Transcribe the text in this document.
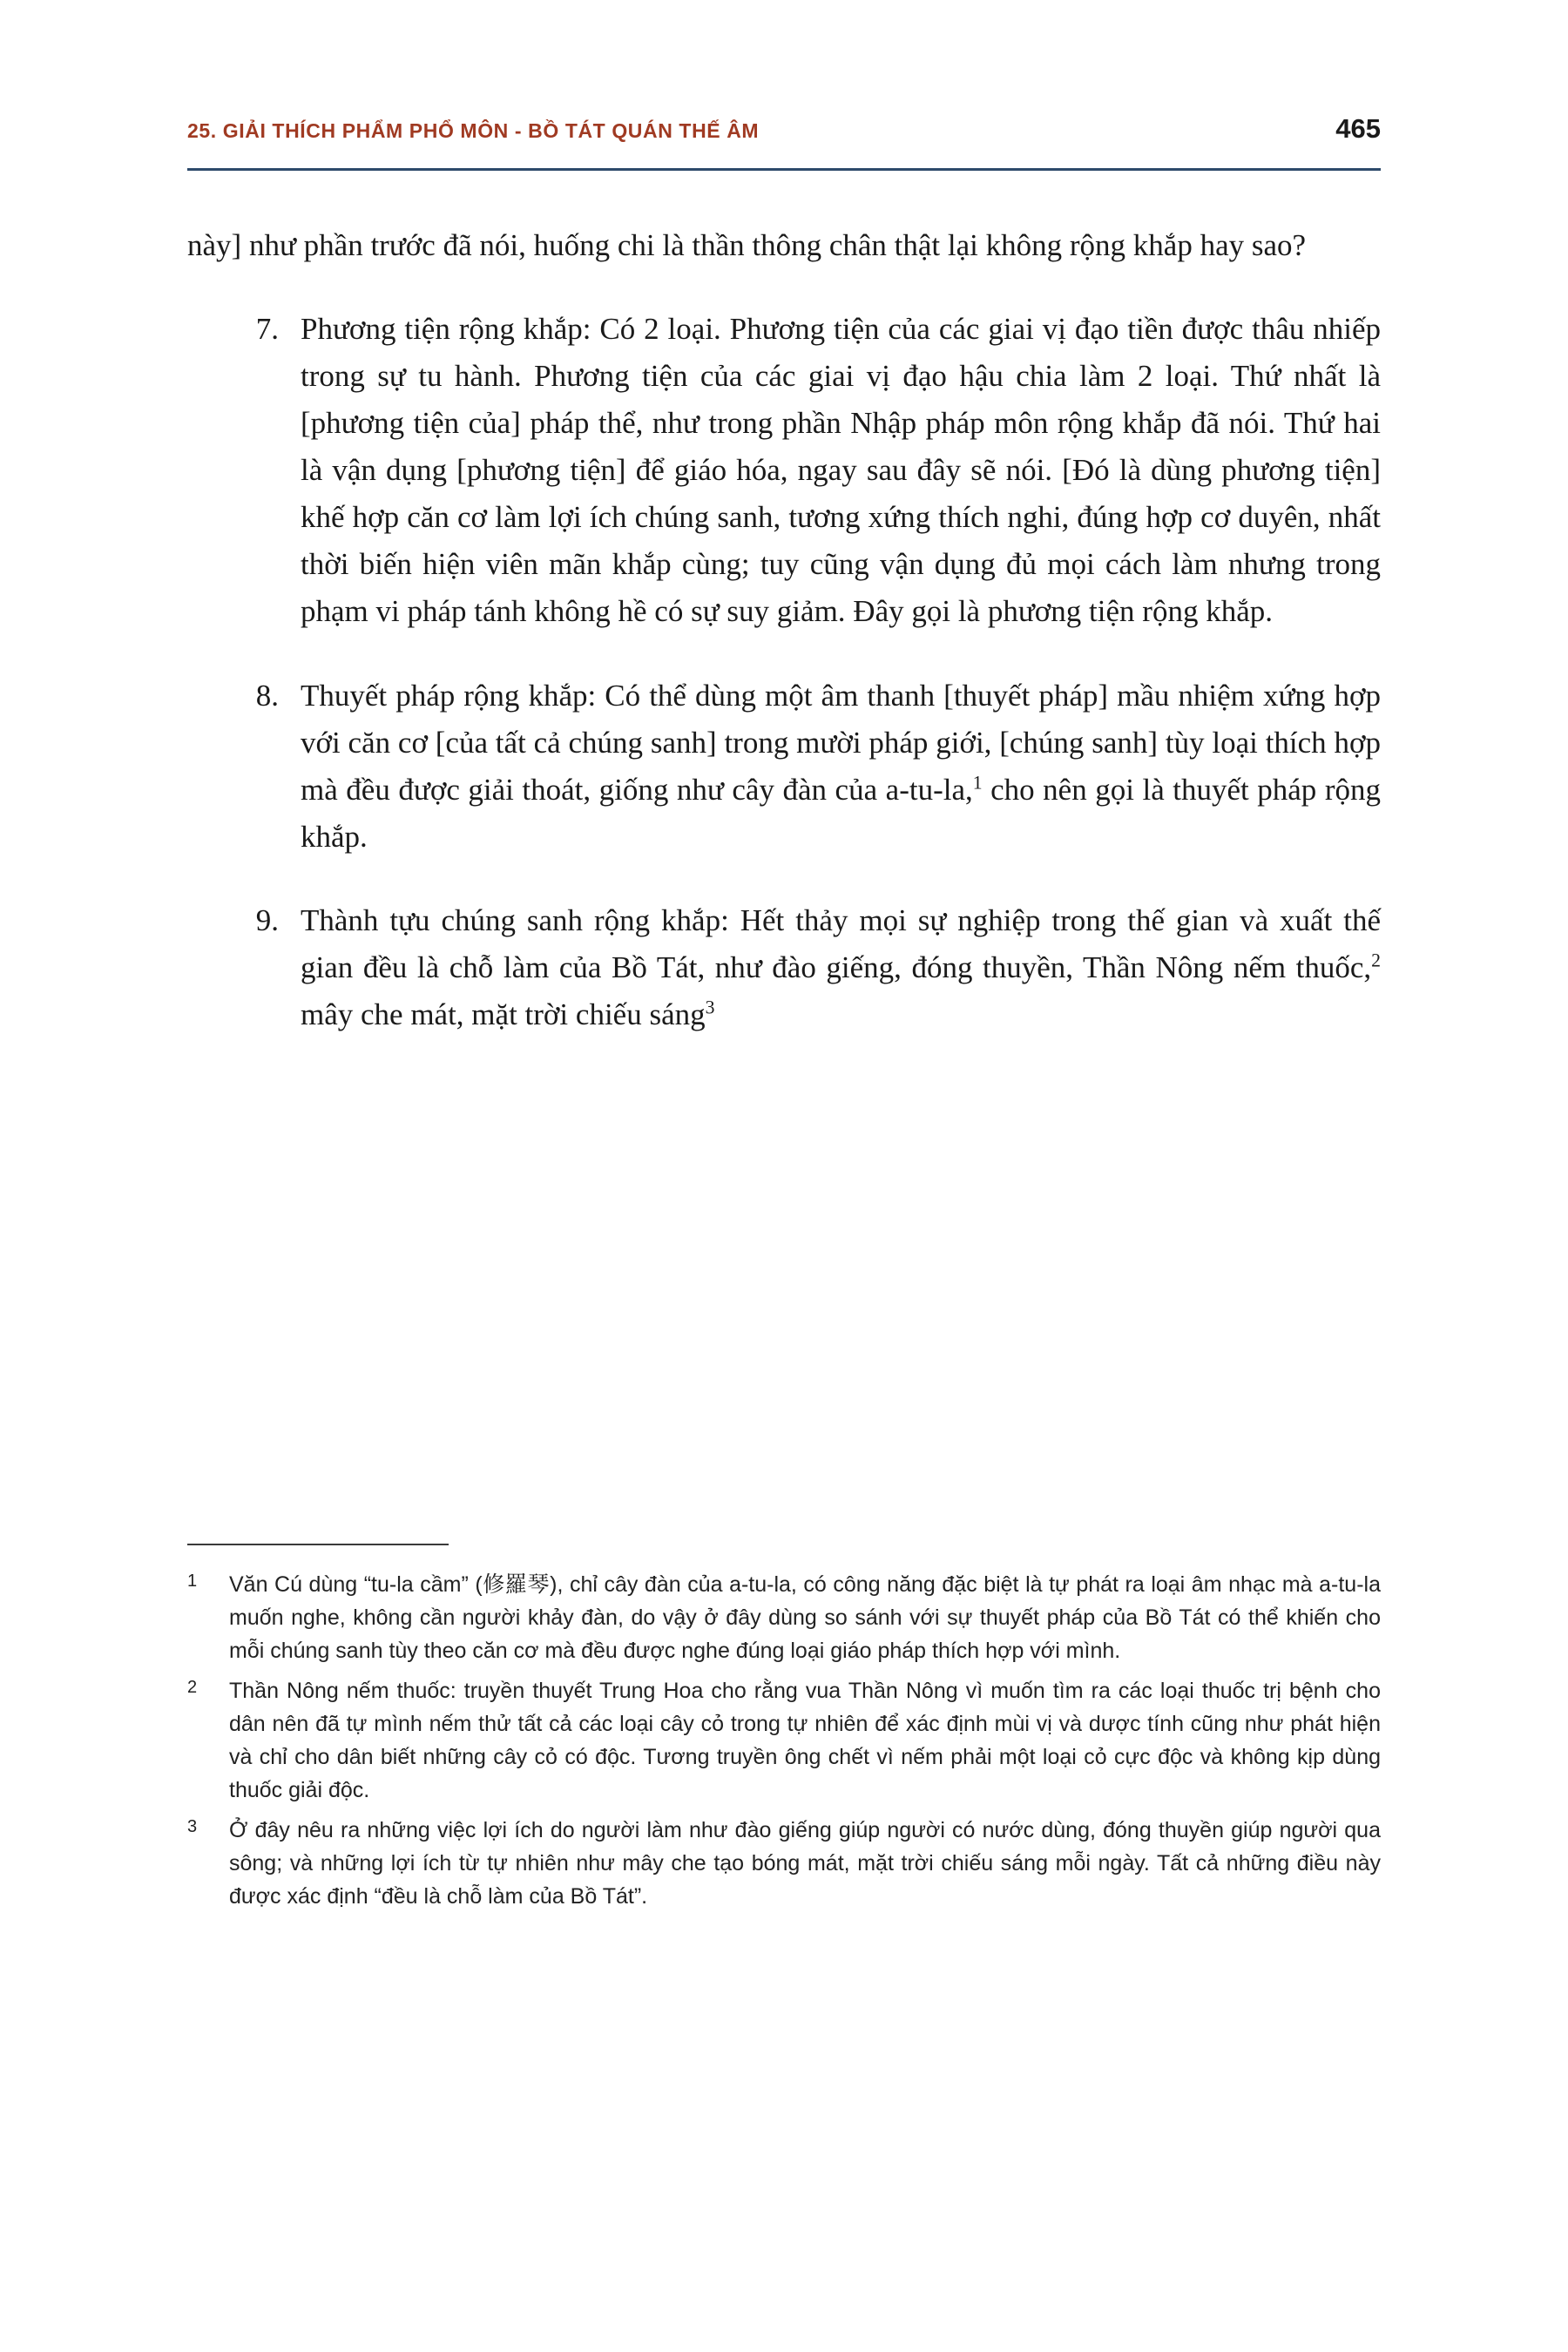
25. GIẢI THÍCH PHẨM PHỔ MÔN - BỒ TÁT QUÁN THẾ ÂM	465

này] như phần trước đã nói, huống chi là thần thông chân thật lại không rộng khắp hay sao?

7. Phương tiện rộng khắp: Có 2 loại. Phương tiện của các giai vị đạo tiền được thâu nhiếp trong sự tu hành. Phương tiện của các giai vị đạo hậu chia làm 2 loại. Thứ nhất là [phương tiện của] pháp thể, như trong phần Nhập pháp môn rộng khắp đã nói. Thứ hai là vận dụng [phương tiện] để giáo hóa, ngay sau đây sẽ nói. [Đó là dùng phương tiện] khế hợp căn cơ làm lợi ích chúng sanh, tương xứng thích nghi, đúng hợp cơ duyên, nhất thời biến hiện viên mãn khắp cùng; tuy cũng vận dụng đủ mọi cách làm nhưng trong phạm vi pháp tánh không hề có sự suy giảm. Đây gọi là phương tiện rộng khắp.

8. Thuyết pháp rộng khắp: Có thể dùng một âm thanh [thuyết pháp] mầu nhiệm xứng hợp với căn cơ [của tất cả chúng sanh] trong mười pháp giới, [chúng sanh] tùy loại thích hợp mà đều được giải thoát, giống như cây đàn của a-tu-la,$^1$ cho nên gọi là thuyết pháp rộng khắp.

9. Thành tựu chúng sanh rộng khắp: Hết thảy mọi sự nghiệp trong thế gian và xuất thế gian đều là chỗ làm của Bồ Tát, như đào giếng, đóng thuyền, Thần Nông nếm thuốc,$^2$ mây che mát, mặt trời chiếu sáng$^3$

1	Văn Cú dùng “tu-la cầm” (修羅琴), chỉ cây đàn của a-tu-la, có công năng đặc biệt là tự phát ra loại âm nhạc mà a-tu-la muốn nghe, không cần người khảy đàn, do vậy ở đây dùng so sánh với sự thuyết pháp của Bồ Tát có thể khiến cho mỗi chúng sanh tùy theo căn cơ mà đều được nghe đúng loại giáo pháp thích hợp với mình.
2	Thần Nông nếm thuốc: truyền thuyết Trung Hoa cho rằng vua Thần Nông vì muốn tìm ra các loại thuốc trị bệnh cho dân nên đã tự mình nếm thử tất cả các loại cây cỏ trong tự nhiên để xác định mùi vị và dược tính cũng như phát hiện và chỉ cho dân biết những cây cỏ có độc. Tương truyền ông chết vì nếm phải một loại cỏ cực độc và không kịp dùng thuốc giải độc.
3	Ở đây nêu ra những việc lợi ích do người làm như đào giếng giúp người có nước dùng, đóng thuyền giúp người qua sông; và những lợi ích từ tự nhiên như mây che tạo bóng mát, mặt trời chiếu sáng mỗi ngày. Tất cả những điều này được xác định “đều là chỗ làm của Bồ Tát”.
